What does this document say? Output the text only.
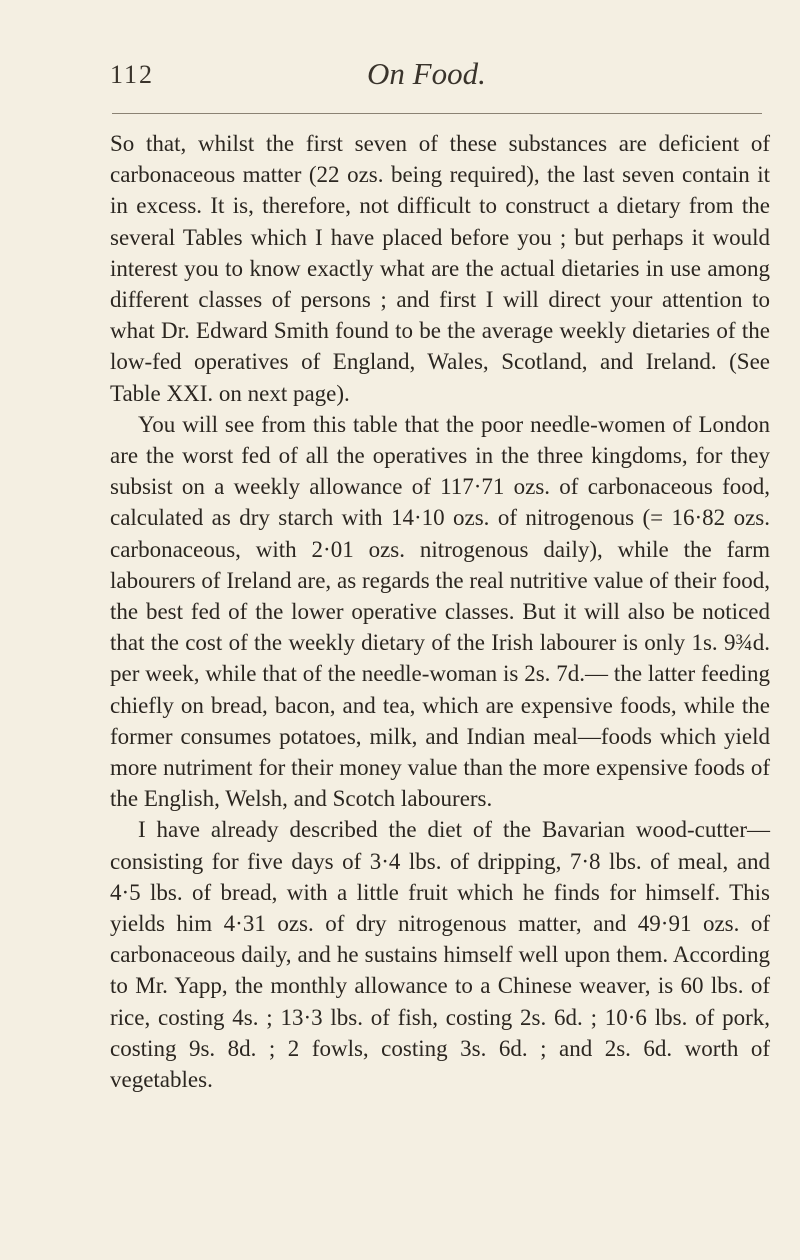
112	On Food.

So that, whilst the first seven of these substances are deficient of carbonaceous matter (22 ozs. being required), the last seven contain it in excess. It is, therefore, not difficult to construct a dietary from the several Tables which I have placed before you ; but perhaps it would interest you to know exactly what are the actual dietaries in use among different classes of persons ; and first I will direct your attention to what Dr. Edward Smith found to be the average weekly dietaries of the low-fed operatives of England, Wales, Scotland, and Ireland. (See Table XXI. on next page).

You will see from this table that the poor needle-women of London are the worst fed of all the operatives in the three kingdoms, for they subsist on a weekly allowance of 117·71 ozs. of carbonaceous food, calculated as dry starch with 14·10 ozs. of nitrogenous (= 16·82 ozs. carbonaceous, with 2·01 ozs. nitrogenous daily), while the farm labourers of Ireland are, as regards the real nutritive value of their food, the best fed of the lower operative classes. But it will also be noticed that the cost of the weekly dietary of the Irish labourer is only 1s. 9¾d. per week, while that of the needle-woman is 2s. 7d.— the latter feeding chiefly on bread, bacon, and tea, which are expensive foods, while the former consumes potatoes, milk, and Indian meal—foods which yield more nutriment for their money value than the more expensive foods of the English, Welsh, and Scotch labourers.

I have already described the diet of the Bavarian wood-cutter—consisting for five days of 3·4 lbs. of dripping, 7·8 lbs. of meal, and 4·5 lbs. of bread, with a little fruit which he finds for himself. This yields him 4·31 ozs. of dry nitrogenous matter, and 49·91 ozs. of carbonaceous daily, and he sustains himself well upon them. According to Mr. Yapp, the monthly allowance to a Chinese weaver, is 60 lbs. of rice, costing 4s. ; 13·3 lbs. of fish, costing 2s. 6d. ; 10·6 lbs. of pork, costing 9s. 8d. ; 2 fowls, costing 3s. 6d. ; and 2s. 6d. worth of vegetables.
